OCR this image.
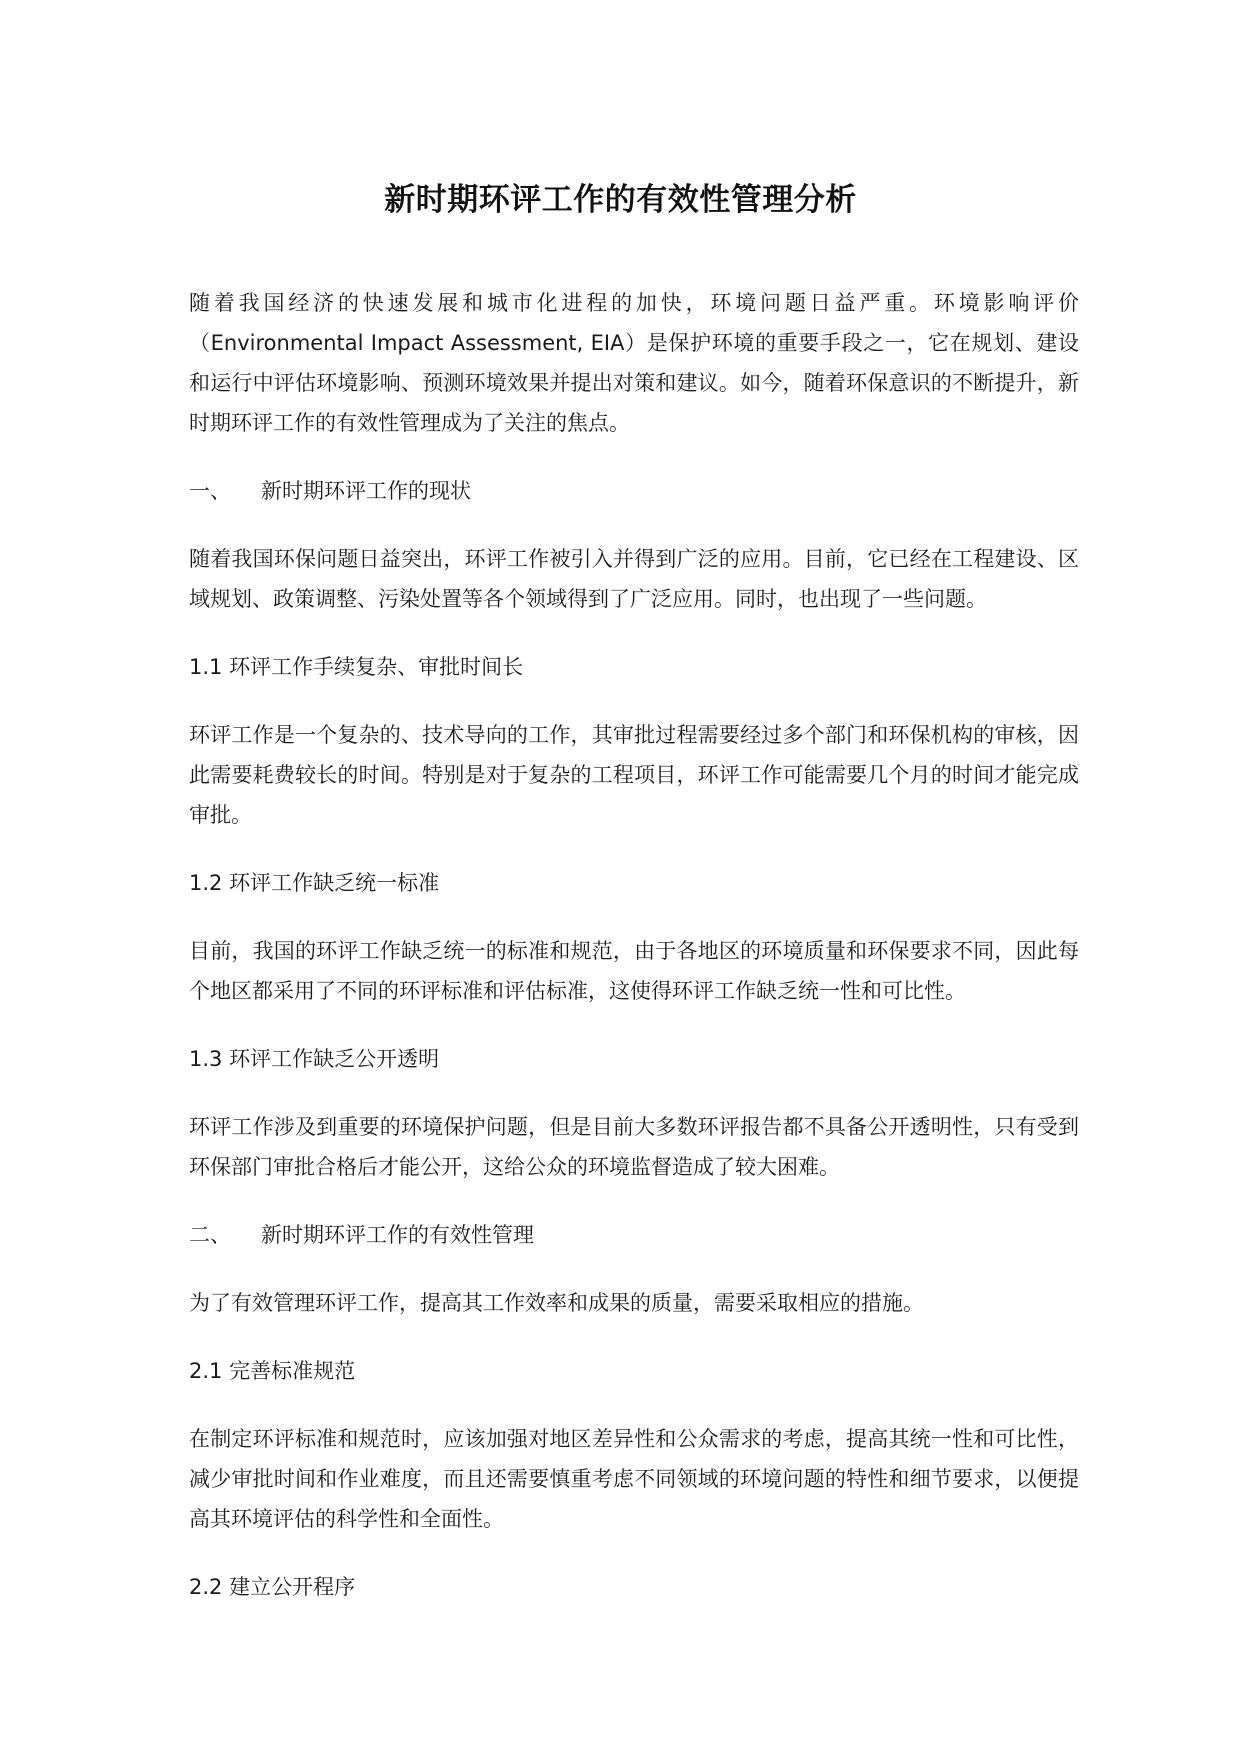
新时期环评工作的有效性管理分析

随着我国经济的快速发展和城市化进程的加快，环境问题日益严重。环境影响评价（Environmental Impact Assessment, EIA）是保护环境的重要手段之一，它在规划、建设和运行中评估环境影响、预测环境效果并提出对策和建议。如今，随着环保意识的不断提升，新时期环评工作的有效性管理成为了关注的焦点。

一、 新时期环评工作的现状

随着我国环保问题日益突出，环评工作被引入并得到广泛的应用。目前，它已经在工程建设、区域规划、政策调整、污染处置等各个领域得到了广泛应用。同时，也出现了一些问题。

1.1 环评工作手续复杂、审批时间长

环评工作是一个复杂的、技术导向的工作，其审批过程需要经过多个部门和环保机构的审核，因此需要耗费较长的时间。特别是对于复杂的工程项目，环评工作可能需要几个月的时间才能完成审批。

1.2 环评工作缺乏统一标准

目前，我国的环评工作缺乏统一的标准和规范，由于各地区的环境质量和环保要求不同，因此每个地区都采用了不同的环评标准和评估标准，这使得环评工作缺乏统一性和可比性。

1.3 环评工作缺乏公开透明

环评工作涉及到重要的环境保护问题，但是目前大多数环评报告都不具备公开透明性，只有受到环保部门审批合格后才能公开，这给公众的环境监督造成了较大困难。

二、 新时期环评工作的有效性管理

为了有效管理环评工作，提高其工作效率和成果的质量，需要采取相应的措施。

2.1 完善标准规范

在制定环评标准和规范时，应该加强对地区差异性和公众需求的考虑，提高其统一性和可比性，减少审批时间和作业难度，而且还需要慎重考虑不同领域的环境问题的特性和细节要求，以便提高其环境评估的科学性和全面性。

2.2 建立公开程序
